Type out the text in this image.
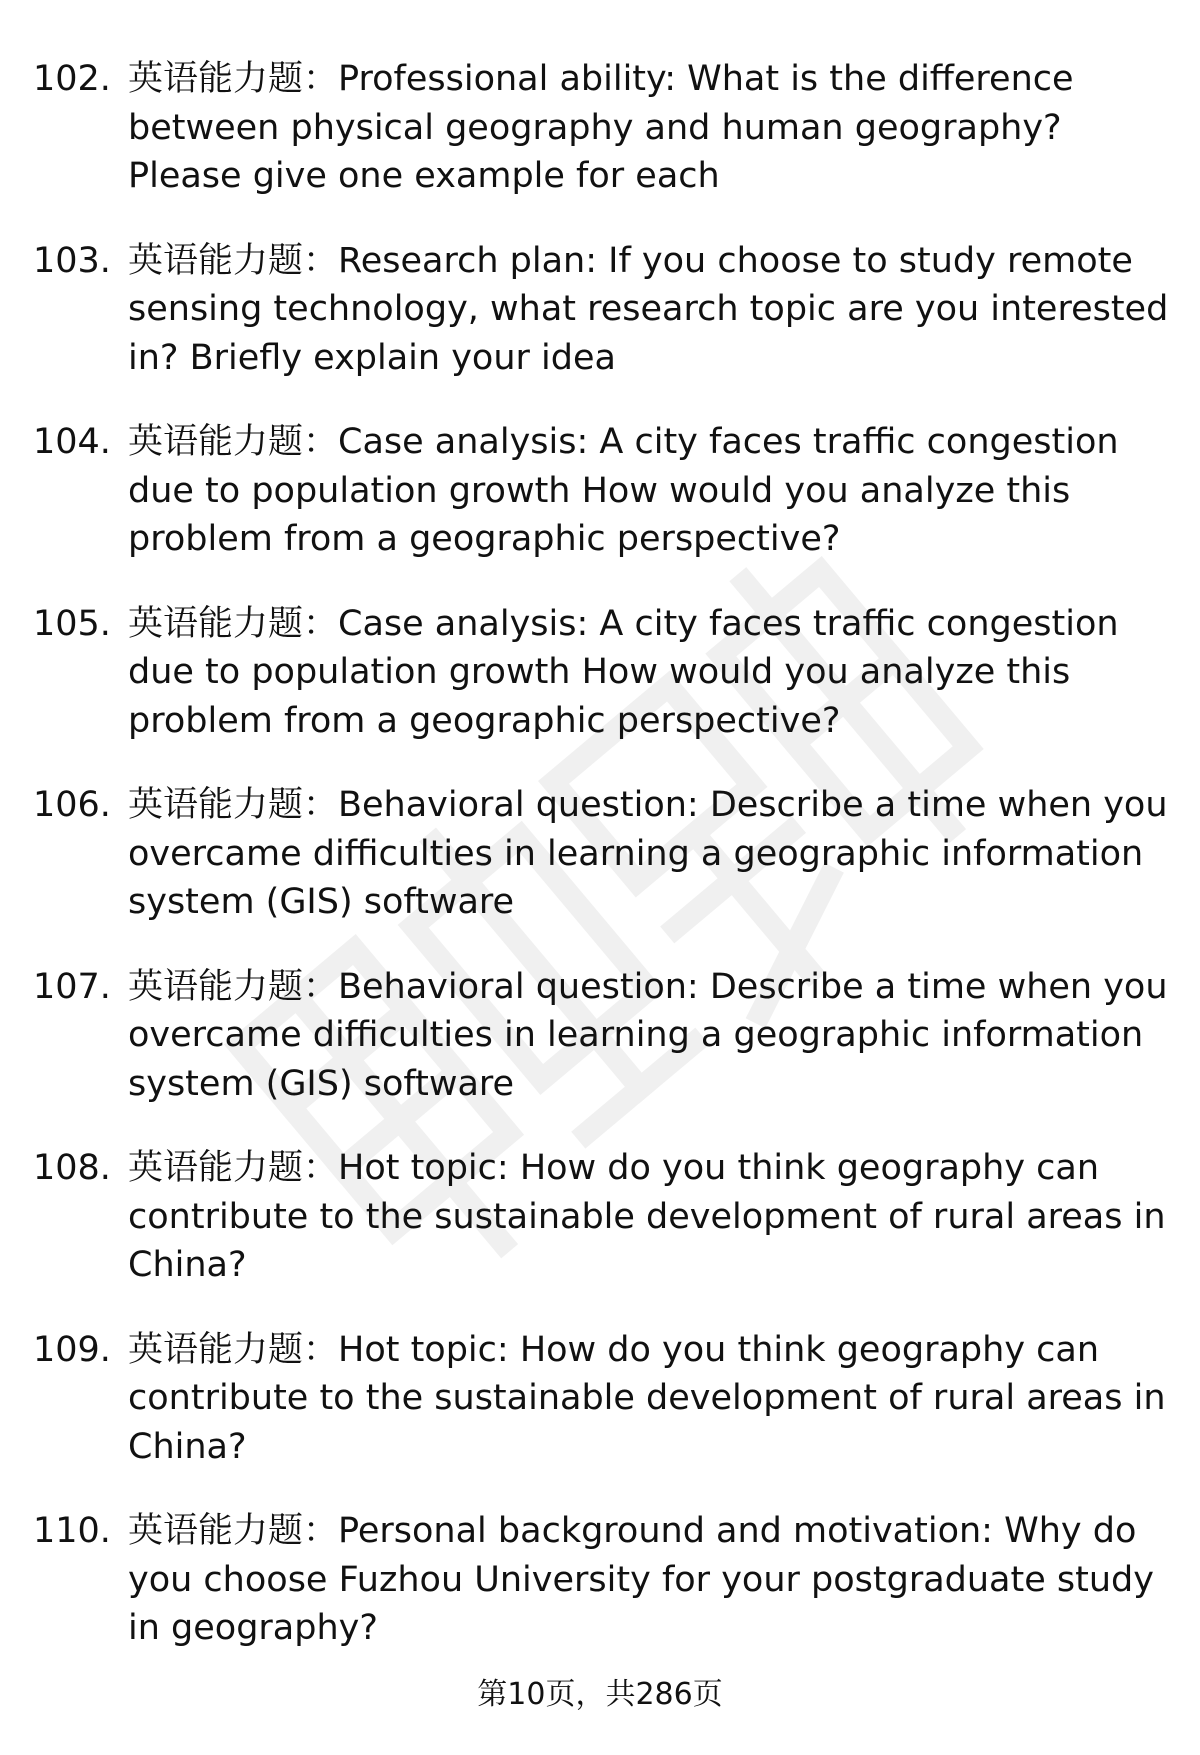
102. 英语能力题：Professional ability: What is the difference
between physical geography and human geography?
Please give one example for each
103. 英语能力题：Research plan: If you choose to study remote
sensing technology, what research topic are you interested
in? Briefly explain your idea
104. 英语能力题：Case analysis: A city faces traffic congestion
due to population growth How would you analyze this
problem from a geographic perspective?
105. 英语能力题：Case analysis: A city faces traffic congestion
due to population growth How would you analyze this
problem from a geographic perspective?
106. 英语能力题：Behavioral question: Describe a time when you
overcame difficulties in learning a geographic information
system (GIS) software
107. 英语能力题：Behavioral question: Describe a time when you
overcame difficulties in learning a geographic information
system (GIS) software
108. 英语能力题：Hot topic: How do you think geography can
contribute to the sustainable development of rural areas in
China?
109. 英语能力题：Hot topic: How do you think geography can
contribute to the sustainable development of rural areas in
China?
110. 英语能力题：Personal background and motivation: Why do
you choose Fuzhou University for your postgraduate study
in geography?
第10页，共286页
